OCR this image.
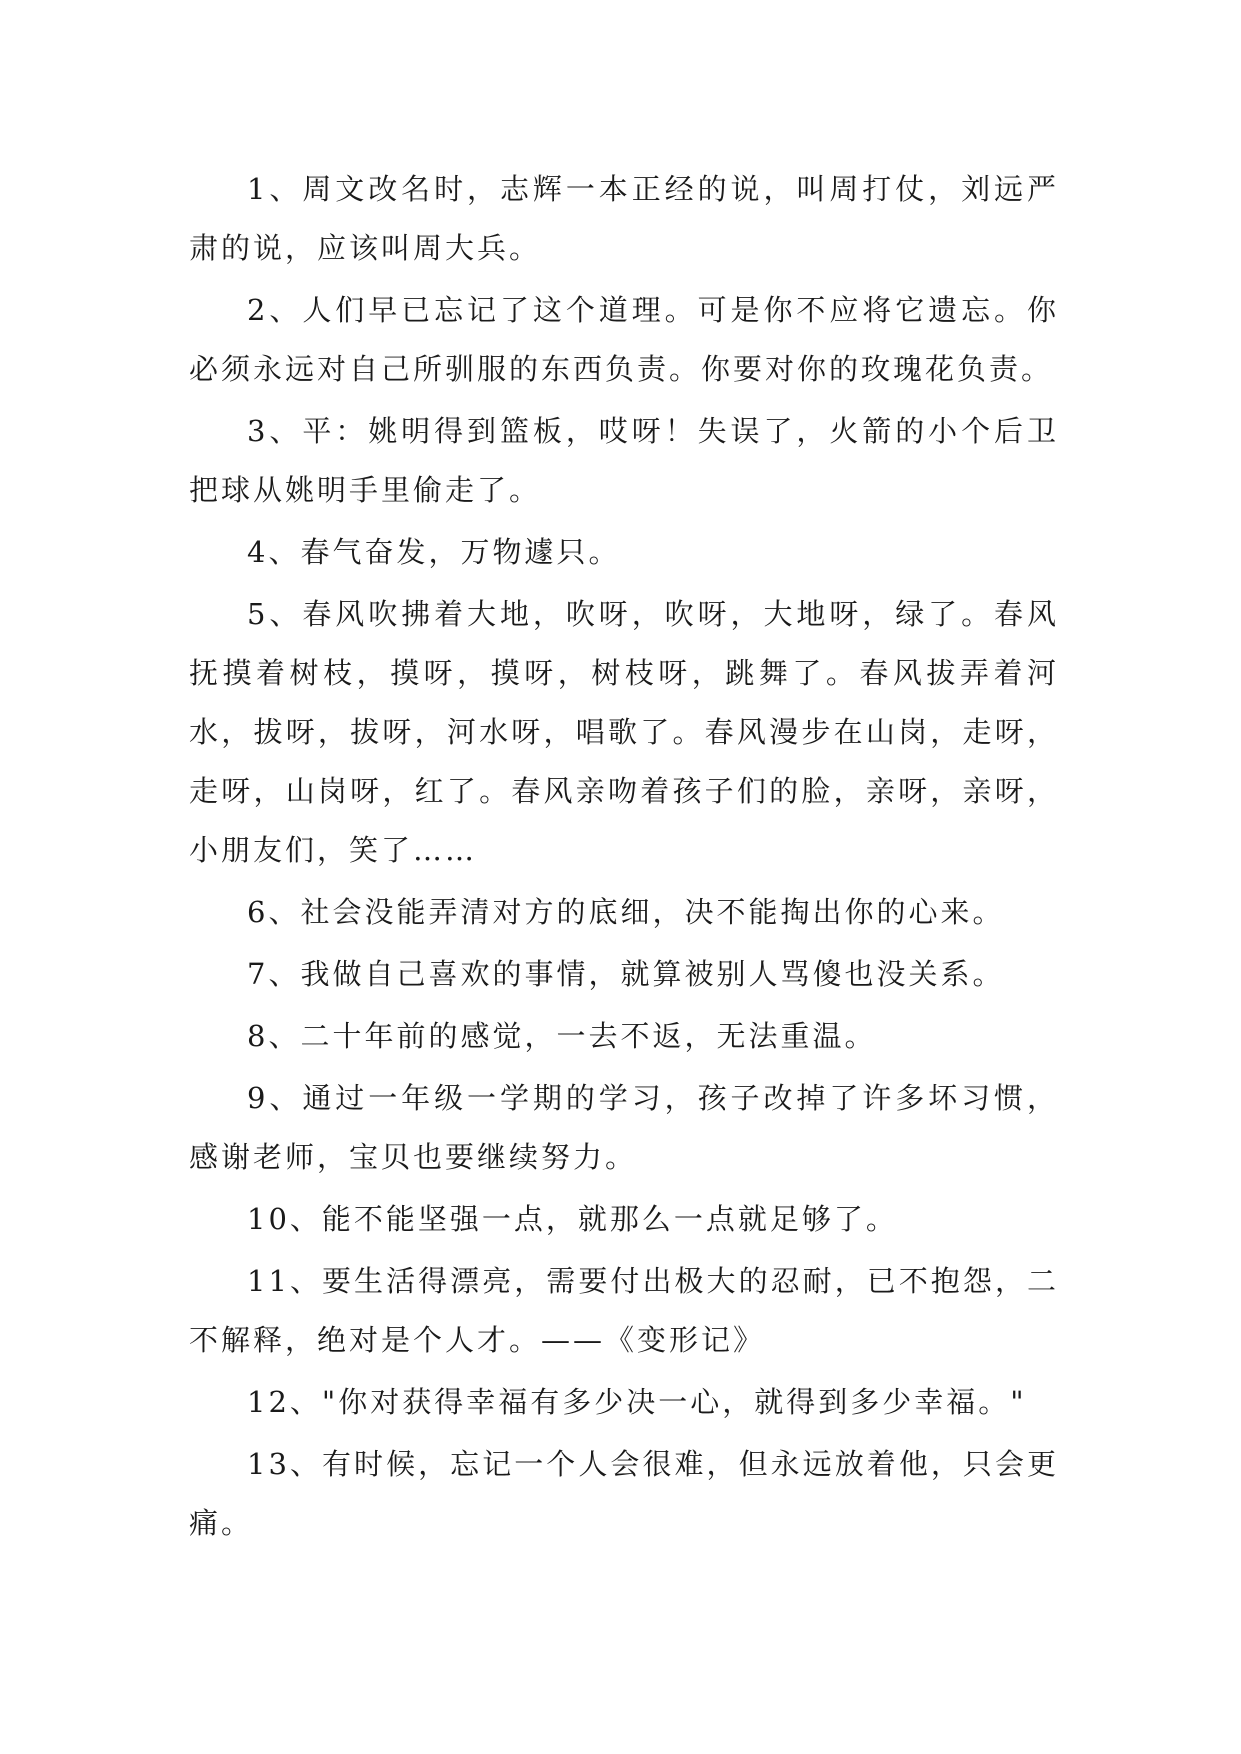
1、周文改名时，志辉一本正经的说，叫周打仗，刘远严肃的说，应该叫周大兵。

2、人们早已忘记了这个道理。可是你不应将它遗忘。你必须永远对自己所驯服的东西负责。你要对你的玫瑰花负责。

3、平：姚明得到篮板，哎呀！失误了，火箭的小个后卫把球从姚明手里偷走了。

4、春气奋发，万物遽只。

5、春风吹拂着大地，吹呀，吹呀，大地呀，绿了。春风抚摸着树枝，摸呀，摸呀，树枝呀，跳舞了。春风拔弄着河水，拔呀，拔呀，河水呀，唱歌了。春风漫步在山岗，走呀，走呀，山岗呀，红了。春风亲吻着孩子们的脸，亲呀，亲呀，小朋友们，笑了……

6、社会没能弄清对方的底细，决不能掏出你的心来。

7、我做自己喜欢的事情，就算被别人骂傻也没关系。

8、二十年前的感觉，一去不返，无法重温。

9、通过一年级一学期的学习，孩子改掉了许多坏习惯，感谢老师，宝贝也要继续努力。

10、能不能坚强一点，就那么一点就足够了。

11、要生活得漂亮，需要付出极大的忍耐，已不抱怨，二不解释，绝对是个人才。——《变形记》

12、"你对获得幸福有多少决一心，就得到多少幸福。"

13、有时候，忘记一个人会很难，但永远放着他，只会更痛。
